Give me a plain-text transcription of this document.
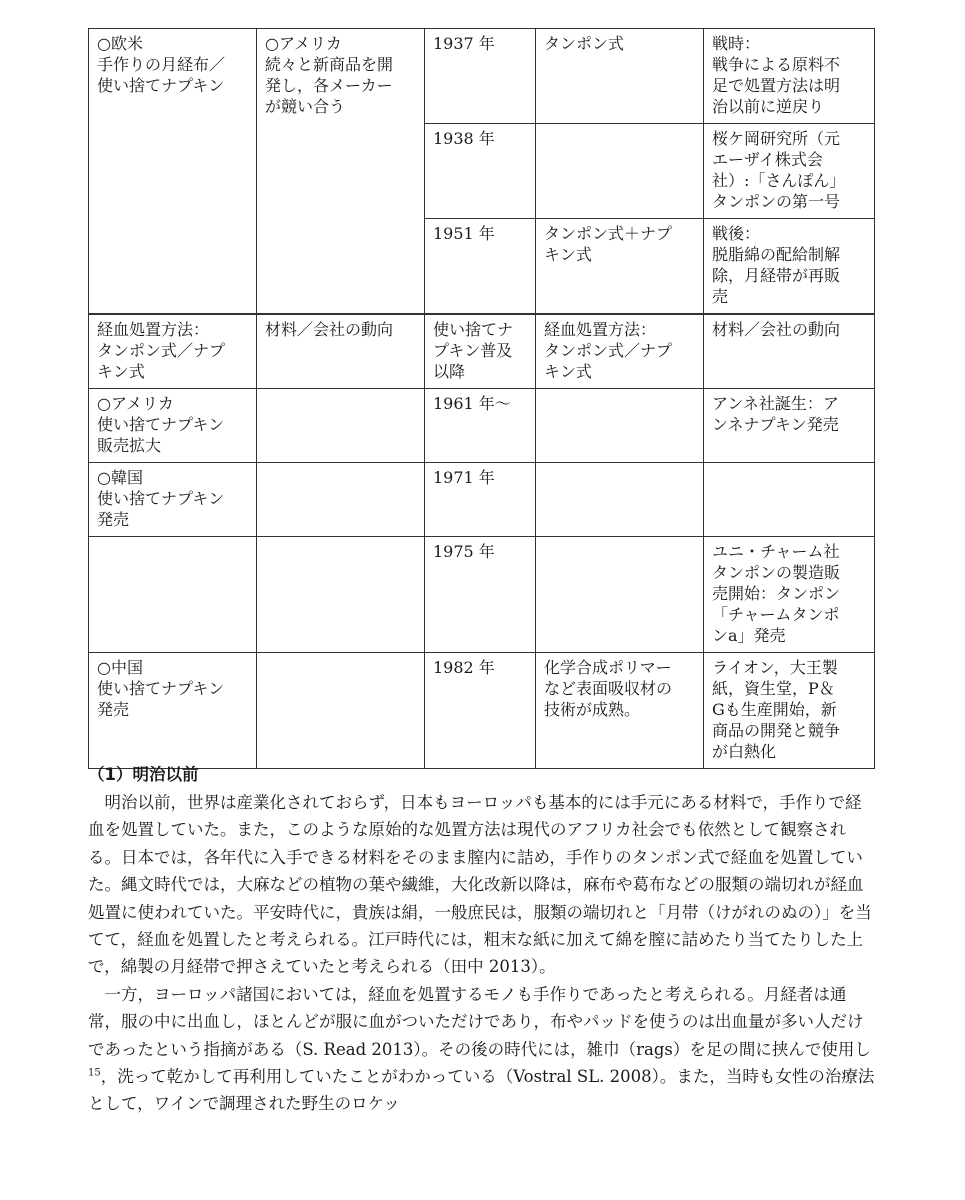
○欧米
手作りの月経布／
使い捨てナプキン	○アメリカ
続々と新商品を開
発し，各メーカー
が競い合う	1937 年	タンポン式	戦時：
戦争による原料不
足で処置方法は明
治以前に逆戻り
		1938 年		桜ケ岡研究所（元
エーザイ株式会
社）:「さんぽん」
タンポンの第一号
		1951 年	タンポン式＋ナプ
キン式	戦後：
脱脂綿の配給制解
除，月経帯が再販
売
経血処置方法：
タンポン式／ナプ
キン式	材料／会社の動向	使い捨てナ
プキン普及
以降	経血処置方法：
タンポン式／ナプ
キン式	材料／会社の動向
○アメリカ
使い捨てナプキン
販売拡大		1961 年〜		アンネ社誕生：ア
ンネナプキン発売
○韓国
使い捨てナプキン
発売		1971 年		
		1975 年		ユニ・チャーム社
タンポンの製造販
売開始：タンポン
「チャームタンポ
ンa」発売
○中国
使い捨てナプキン
発売		1982 年	化学合成ポリマー
など表面吸収材の
技術が成熟。	ライオン，大王製
紙，資生堂，P＆
Gも生産開始，新
商品の開発と競争
が白熱化
（1）明治以前

明治以前，世界は産業化されておらず，日本もヨーロッパも基本的には手元にある材料で，手作りで経血を処置していた。また，このような原始的な処置方法は現代のアフリカ社会でも依然として観察される。日本では，各年代に入手できる材料をそのまま膣内に詰め，手作りのタンポン式で経血を処置していた。縄文時代では，大麻などの植物の葉や繊維，大化改新以降は，麻布や葛布などの服類の端切れが経血処置に使われていた。平安時代に，貴族は絹，一般庶民は，服類の端切れと「月帯（けがれのぬの）」を当てて，経血を処置したと考えられる。江戸時代には，粗末な紙に加えて綿を膣に詰めたり当てたりした上で，綿製の月経帯で押さえていたと考えられる（田中 2013）。

一方，ヨーロッパ諸国においては，経血を処置するモノも手作りであったと考えられる。月経者は通常，服の中に出血し，ほとんどが服に血がついただけであり，布やパッドを使うのは出血量が多い人だけであったという指摘がある（S. Read 2013）。その後の時代には，雑巾（rags）を足の間に挟んで使用し$^{15}$，洗って乾かして再利用していたことがわかっている（Vostral SL. 2008）。また，当時も女性の治療法として，ワインで調理された野生のロケッ
